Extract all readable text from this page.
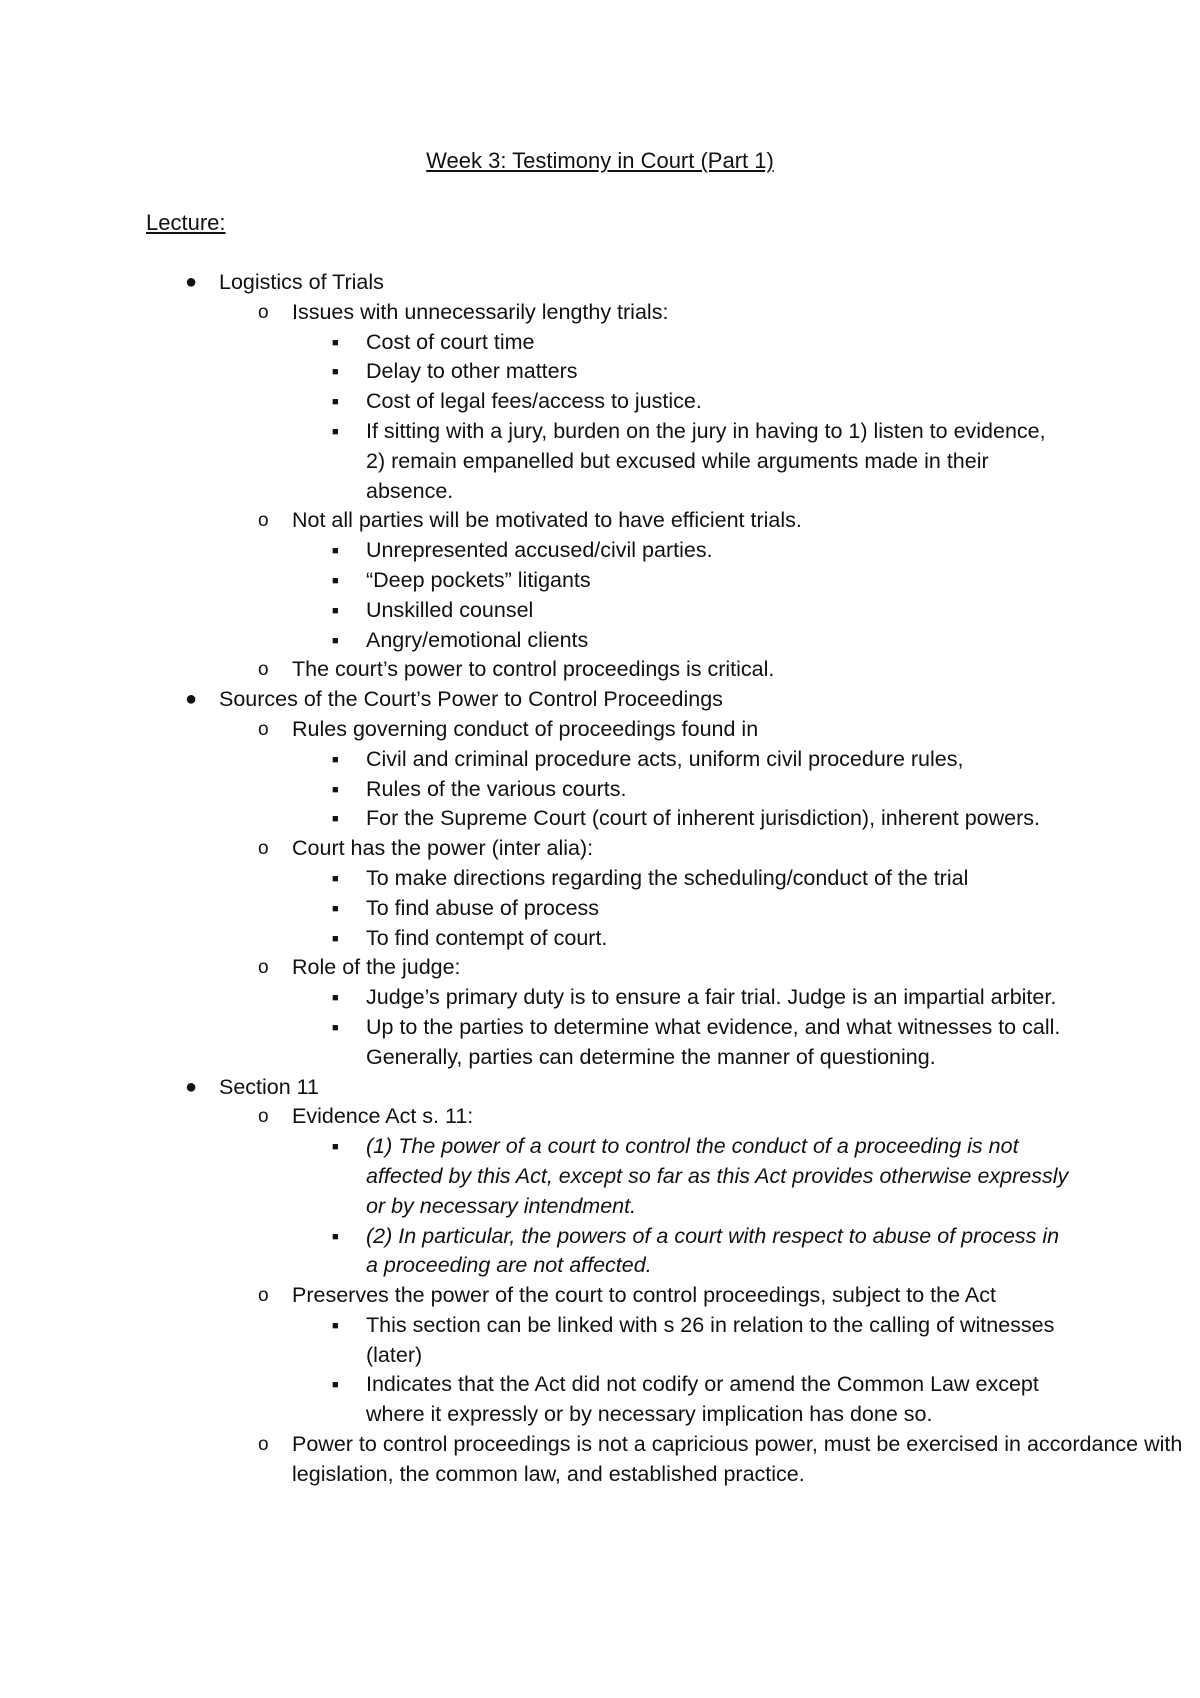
Week 3: Testimony in Court (Part 1)
Lecture:
● Logistics of Trials
o Issues with unnecessarily lengthy trials:
■ Cost of court time
■ Delay to other matters
■ Cost of legal fees/access to justice.
■ If sitting with a jury, burden on the jury in having to 1) listen to evidence, 2) remain empanelled but excused while arguments made in their absence.
o Not all parties will be motivated to have efficient trials.
■ Unrepresented accused/civil parties.
■ “Deep pockets” litigants
■ Unskilled counsel
■ Angry/emotional clients
o The court’s power to control proceedings is critical.
● Sources of the Court’s Power to Control Proceedings
o Rules governing conduct of proceedings found in
■ Civil and criminal procedure acts, uniform civil procedure rules,
■ Rules of the various courts.
■ For the Supreme Court (court of inherent jurisdiction), inherent powers.
o Court has the power (inter alia):
■ To make directions regarding the scheduling/conduct of the trial
■ To find abuse of process
■ To find contempt of court.
o Role of the judge:
■ Judge’s primary duty is to ensure a fair trial. Judge is an impartial arbiter.
■ Up to the parties to determine what evidence, and what witnesses to call. Generally, parties can determine the manner of questioning.
● Section 11
o Evidence Act s. 11:
■ (1) The power of a court to control the conduct of a proceeding is not affected by this Act, except so far as this Act provides otherwise expressly or by necessary intendment.
■ (2) In particular, the powers of a court with respect to abuse of process in a proceeding are not affected.
o Preserves the power of the court to control proceedings, subject to the Act
■ This section can be linked with s 26 in relation to the calling of witnesses (later)
■ Indicates that the Act did not codify or amend the Common Law except where it expressly or by necessary implication has done so.
o Power to control proceedings is not a capricious power, must be exercised in accordance with legislation, the common law, and established practice.
